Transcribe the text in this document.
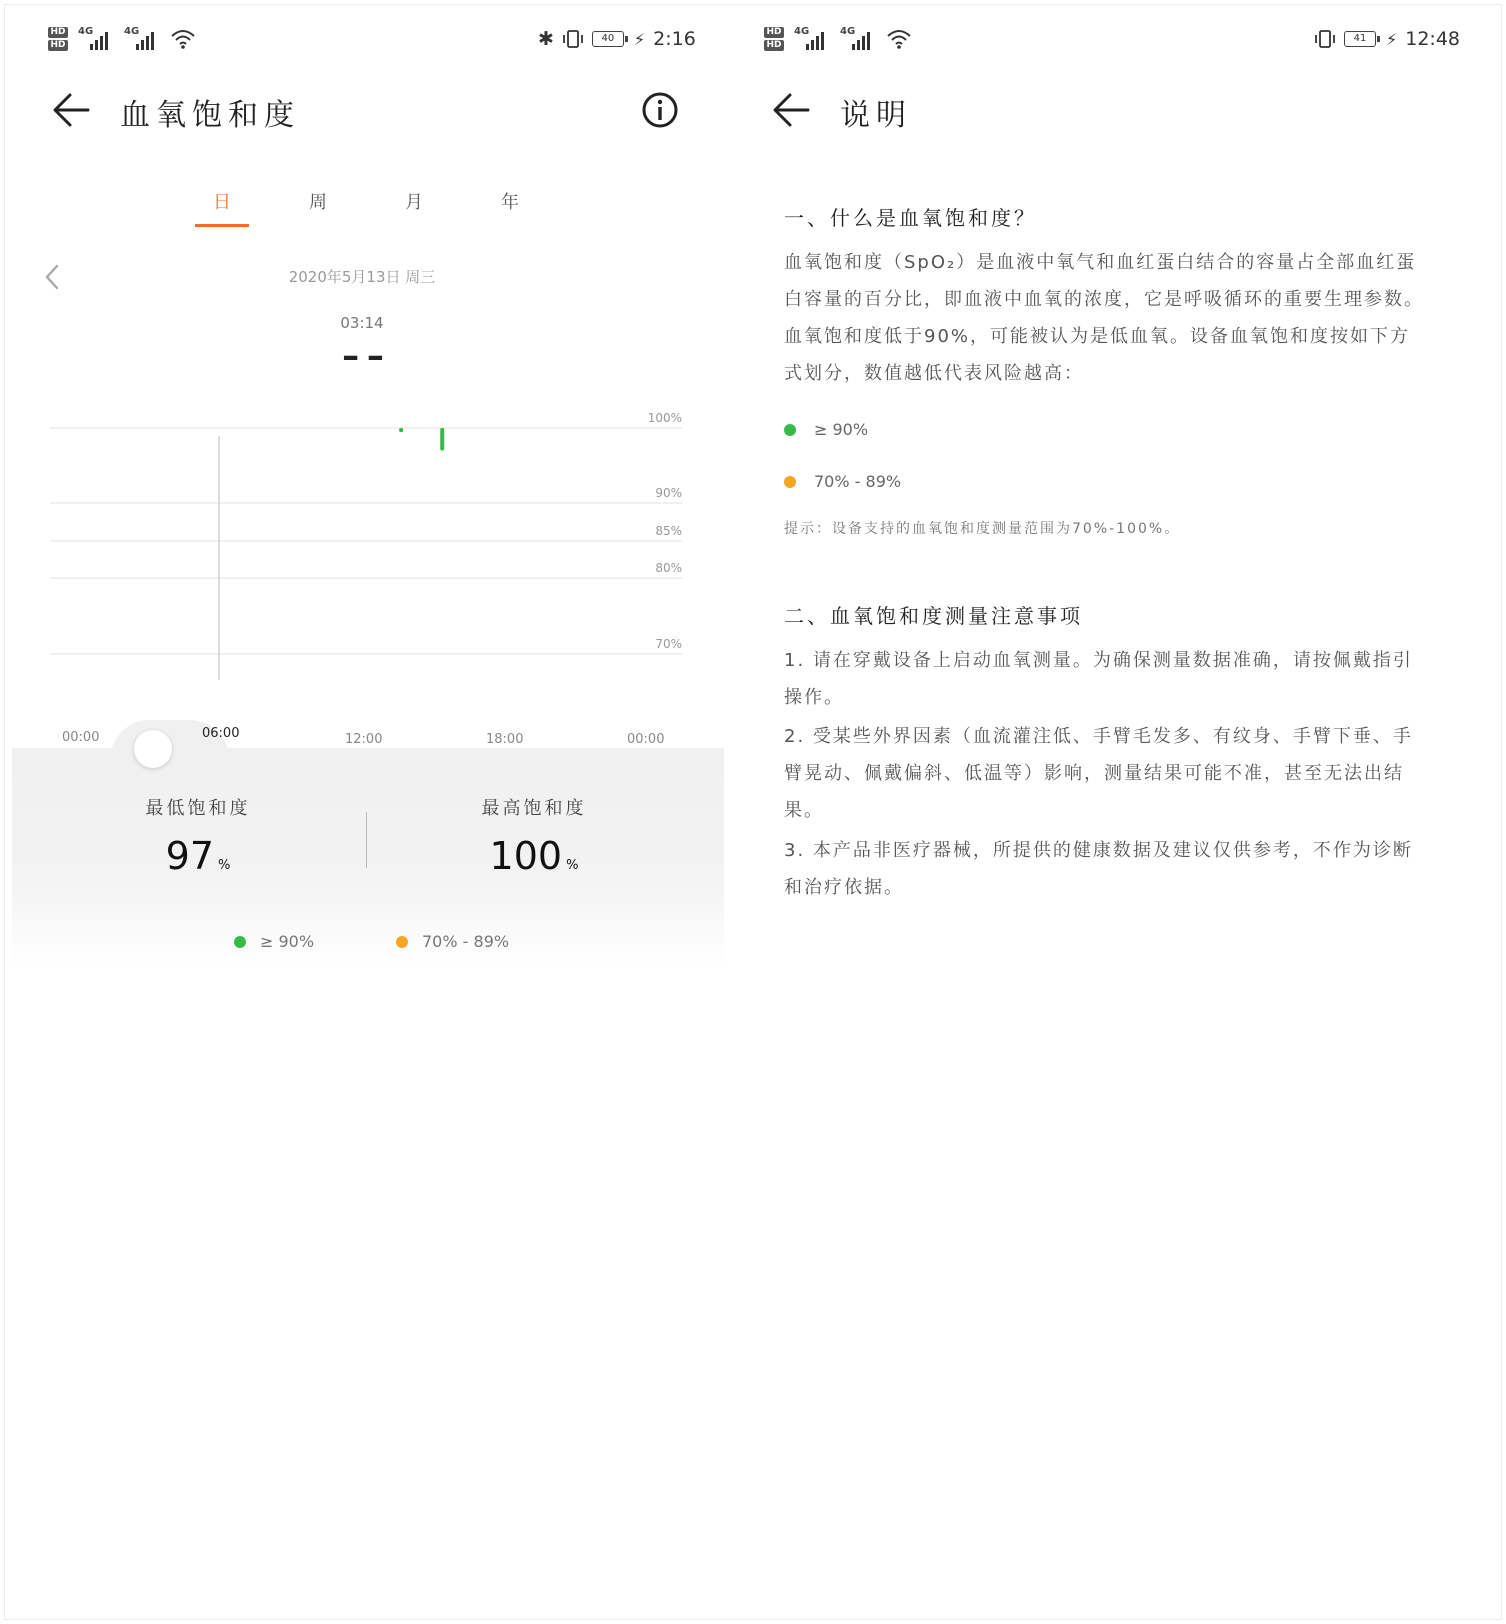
HD
HD
4G	4G	✱	40	⚡ 2:16
血氧饱和度
日	周	月	年
2020年5月13日 周三
03:14
– –
100%
90%
85%
80%
70%
最低饱和度
97 %
最高饱和度
100 %
≥ 90%	70% - 89%
00:00	06:00	12:00	18:00	00:00
HD
HD
4G	4G
41	⚡ 12:48
说明
一、什么是血氧饱和度？
血氧饱和度（SpO₂）是血液中氧气和血红蛋白结合的容量占全部血红蛋白容量的百分比，即血液中血氧的浓度，它是呼吸循环的重要生理参数。血氧饱和度低于90%，可能被认为是低血氧。设备血氧饱和度按如下方式划分，数值越低代表风险越高：
≥ 90%
70% - 89%
提示：设备支持的血氧饱和度测量范围为70%-100%。
二、血氧饱和度测量注意事项
1. 请在穿戴设备上启动血氧测量。为确保测量数据准确，请按佩戴指引操作。
2. 受某些外界因素（血流灌注低、手臂毛发多、有纹身、手臂下垂、手臂晃动、佩戴偏斜、低温等）影响，测量结果可能不准，甚至无法出结果。
3. 本产品非医疗器械，所提供的健康数据及建议仅供参考，不作为诊断和治疗依据。
